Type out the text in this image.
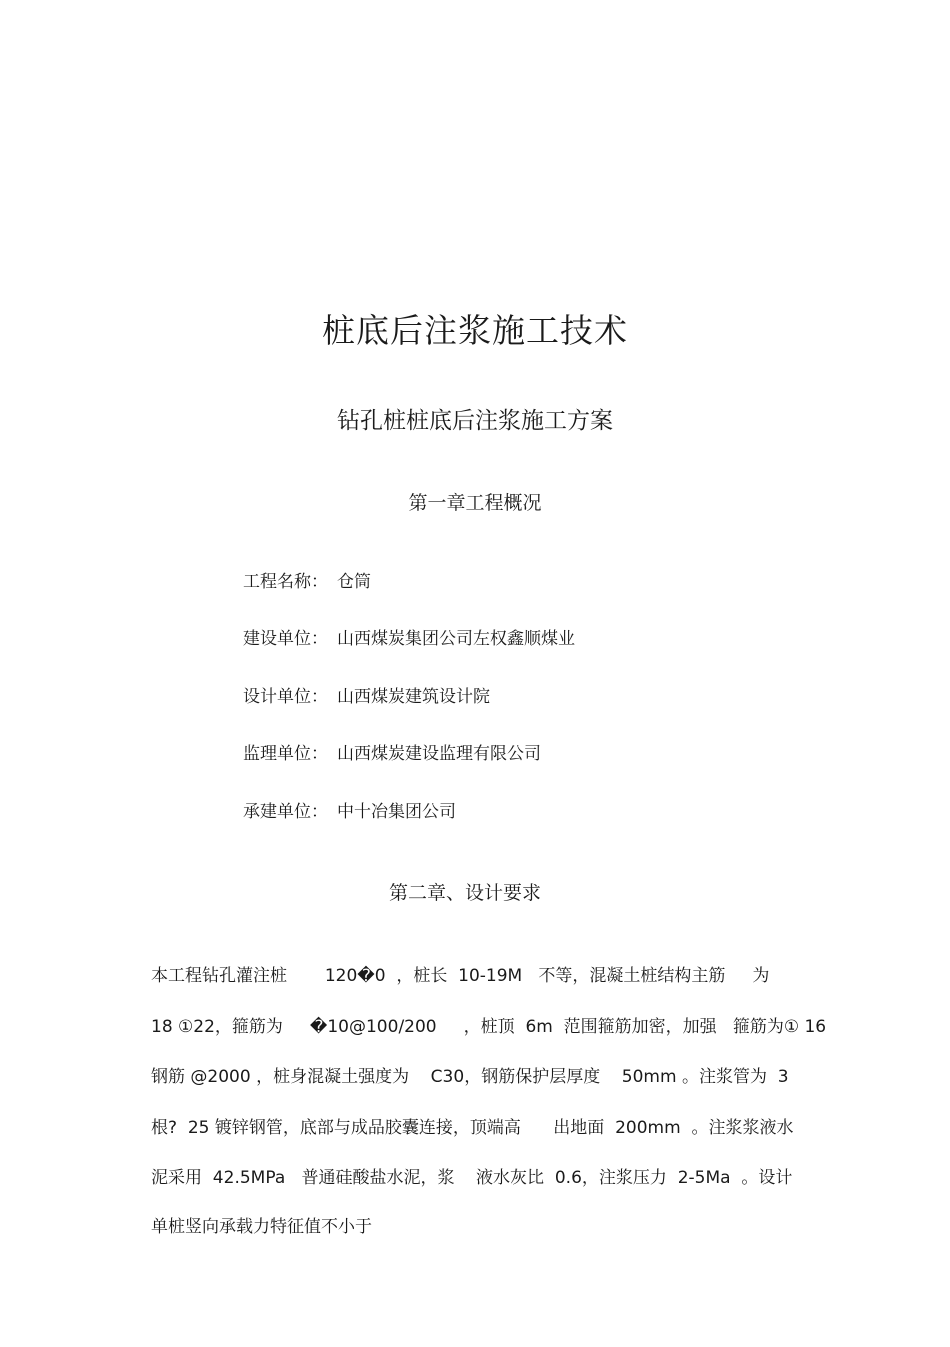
桩底后注浆施工技术
钻孔桩桩底后注浆施工方案
第一章工程概况
工程名称： 仓筒
建设单位： 山西煤炭集团公司左权鑫顺煤业
设计单位： 山西煤炭建筑设计院
监理单位： 山西煤炭建设监理有限公司
承建单位： 中十冶集团公司
第二章、设计要求
本工程钻孔灌注桩       120�0  ，桩长  10-19M   不等，混凝土桩结构主筋     为
18 ①22，箍筋为     �10@100/200     ，桩顶  6m  范围箍筋加密，加强   箍筋为① 16
钢筋 @2000 ，桩身混凝土强度为    C30，钢筋保护层厚度    50mm 。注浆管为  3
根?  25 镀锌钢管，底部与成品胶囊连接，顶端高      出地面  200mm  。注浆浆液水
泥采用  42.5MPa   普通硅酸盐水泥，浆    液水灰比  0.6，注浆压力  2-5Ma  。设计
单桩竖向承载力特征值不小于
